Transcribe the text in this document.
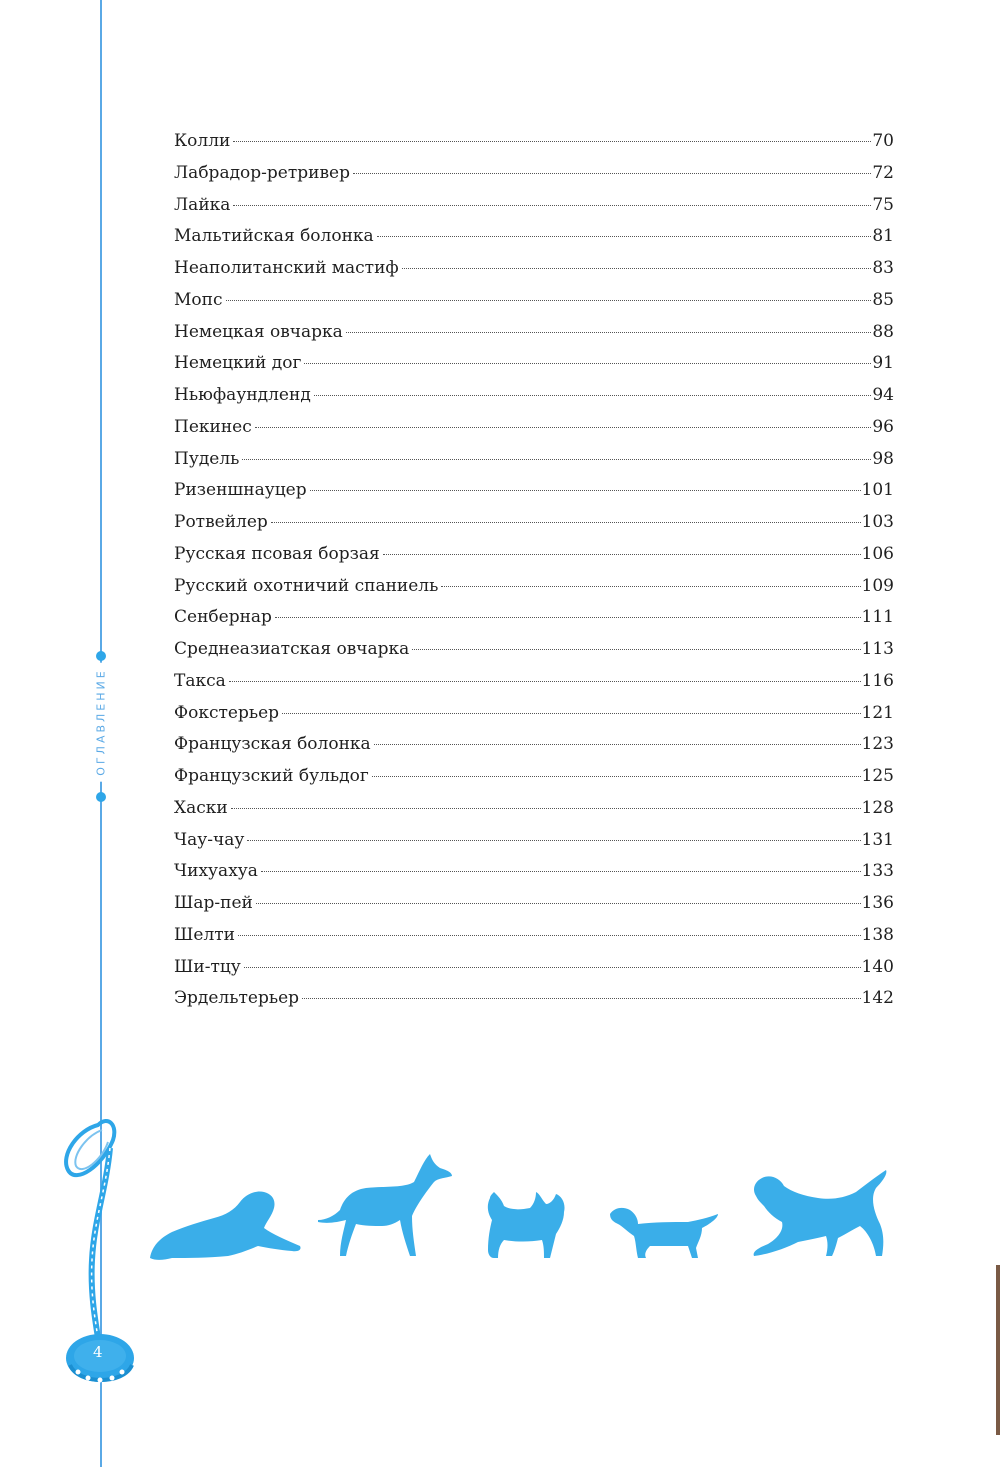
ОГЛАВЛЕНИЕ
Колли	70
Лабрадор-ретривер	72
Лайка	75
Мальтийская болонка	81
Неаполитанский мастиф	83
Мопс	85
Немецкая овчарка	88
Немецкий дог	91
Ньюфаундленд	94
Пекинес	96
Пудель	98
Ризеншнауцер	101
Ротвейлер	103
Русская псовая борзая	106
Русский охотничий спаниель	109
Сенбернар	111
Среднеазиатская овчарка	113
Такса	116
Фокстерьер	121
Французская болонка	123
Французский бульдог	125
Хаски	128
Чау-чау	131
Чихуахуа	133
Шар-пей	136
Шелти	138
Ши-тцу	140
Эрдельтерьер	142
4
